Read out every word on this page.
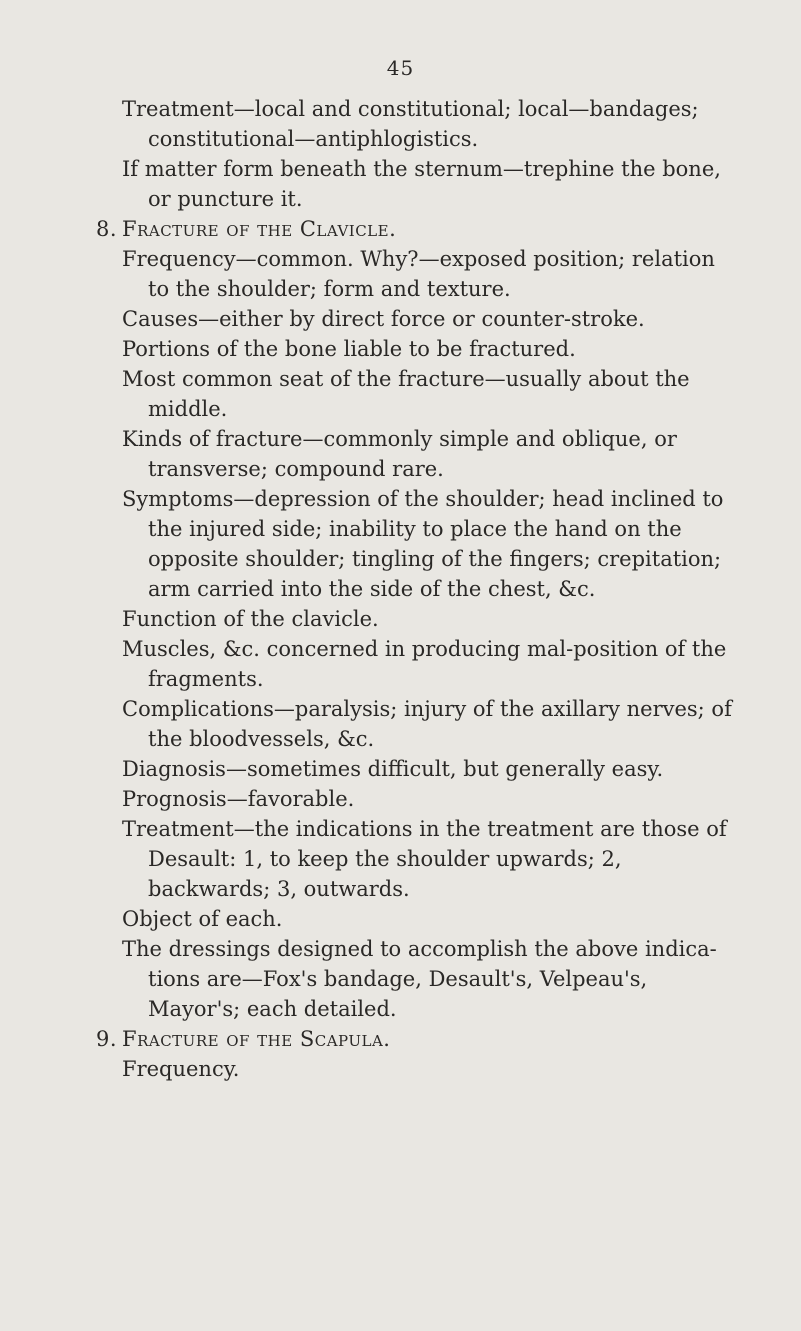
45

Treatment—local and constitutional; local—bandages; constitutional—antiphlogistics.

If matter form beneath the sternum—trephine the bone, or puncture it.

8. Fracture of the Clavicle.

Frequency—common. Why?—exposed position; relation to the shoulder; form and texture.

Causes—either by direct force or counter-stroke.

Portions of the bone liable to be fractured.

Most common seat of the fracture—usually about the middle.

Kinds of fracture—commonly simple and oblique, or transverse; compound rare.

Symptoms—depression of the shoulder; head inclined to the injured side; inability to place the hand on the opposite shoulder; tingling of the fingers; crepitation; arm carried into the side of the chest, &c.

Function of the clavicle.

Muscles, &c. concerned in producing mal-position of the fragments.

Complications—paralysis; injury of the axillary nerves; of the bloodvessels, &c.

Diagnosis—sometimes difficult, but generally easy.

Prognosis—favorable.

Treatment—the indications in the treatment are those of Desault: 1, to keep the shoulder upwards; 2, backwards; 3, outwards.

Object of each.

The dressings designed to accomplish the above indications are—Fox's bandage, Desault's, Velpeau's, Mayor's; each detailed.

9. Fracture of the Scapula.

Frequency.
